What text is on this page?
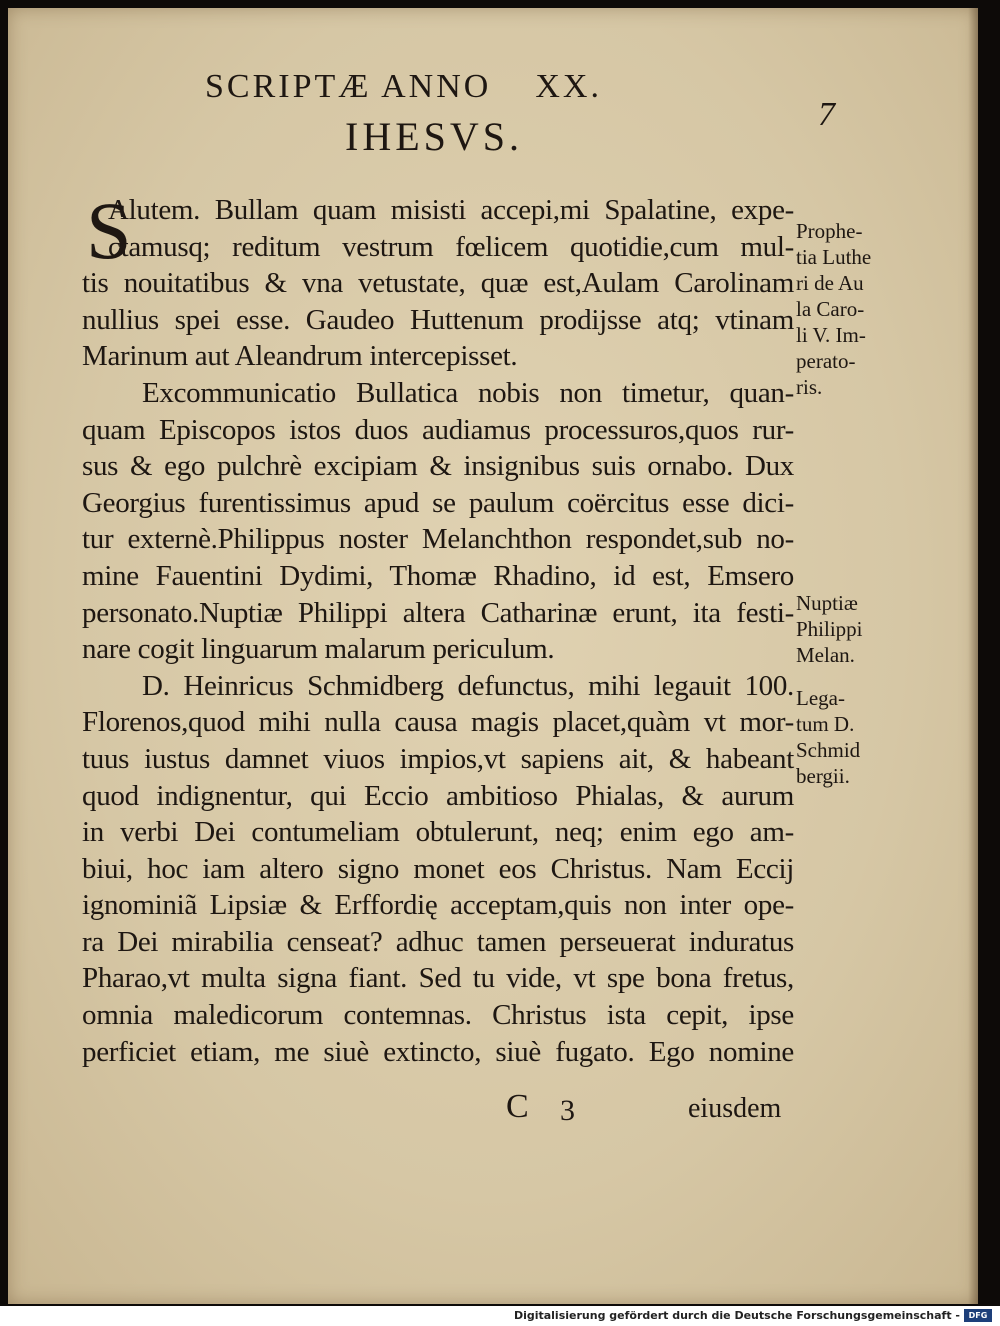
SCRIPTÆ ANNO XX.
IHESVS.	7
S
Alutem. Bullam quam misisti accepi,mi Spalatine, expe-
ctamusq; reditum vestrum fœlicem quotidie,cum mul-
tis nouitatibus & vna vetustate, quæ est,Aulam Carolinam
nullius spei esse. Gaudeo Huttenum prodijsse atq; vtinam
Marinum aut Aleandrum intercepisset.
Excommunicatio Bullatica nobis non timetur, quan-
quam Episcopos istos duos audiamus processuros,quos rur-
sus & ego pulchrè excipiam & insignibus suis ornabo. Dux
Georgius furentissimus apud se paulum coërcitus esse dici-
tur externè.Philippus noster Melanchthon respondet,sub no-
mine Fauentini Dydimi, Thomæ Rhadino, id est, Emsero
personato.Nuptiæ Philippi altera Catharinæ erunt, ita festi-
nare cogit linguarum malarum periculum.
D. Heinricus Schmidberg defunctus, mihi legauit 100.
Florenos,quod mihi nulla causa magis placet,quàm vt mor-
tuus iustus damnet viuos impios,vt sapiens ait, & habeant
quod indignentur, qui Eccio ambitioso Phialas, & aurum
in verbi Dei contumeliam obtulerunt, neq; enim ego am-
biui, hoc iam altero signo monet eos Christus. Nam Eccij
ignominiã Lipsiæ & Erffordię acceptam,quis non inter ope-
ra Dei mirabilia censeat? adhuc tamen perseuerat induratus
Pharao,vt multa signa fiant. Sed tu vide, vt spe bona fretus,
omnia maledicorum contemnas. Christus ista cepit, ipse
perficiet etiam, me siuè extincto, siuè fugato. Ego nomine
Prophe-
tia Luthe
ri de Au
la Caro-
li V. Im-
perato-
ris.
Nuptiæ
Philippi
Melan.
Lega-
tum D.
Schmid
bergii.
C 3	eiusdem
Digitalisierung gefördert durch die Deutsche Forschungsgemeinschaft -	DFG
